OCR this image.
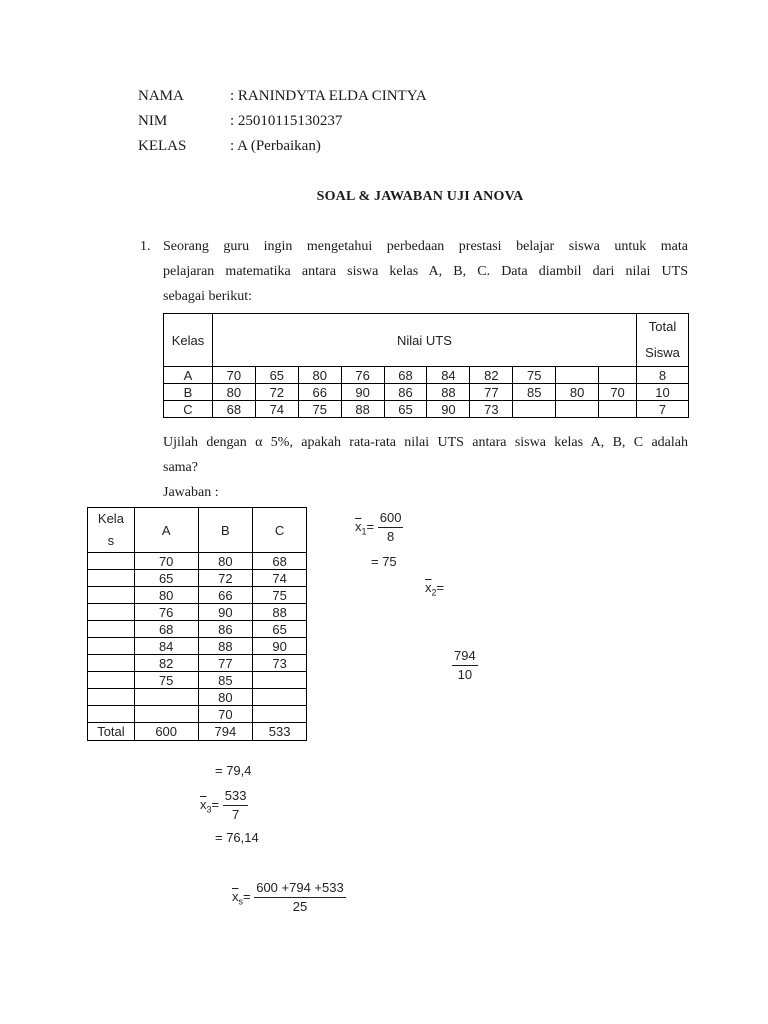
NAMA	: RANINDYTA ELDA CINTYA
NIM	: 25010115130237
KELAS	: A (Perbaikan)
SOAL & JAWABAN UJI ANOVA
1. Seorang guru ingin mengetahui perbedaan prestasi belajar siswa untuk mata
pelajaran matematika antara siswa kelas A, B, C. Data diambil dari nilai UTS
sebagai berikut:
Kelas	Nilai UTS										Total
Siswa

A	70	65	80	76	68	84	82	75			8
B	80	72	66	90	86	88	77	85	80	70	10
C	68	74	75	88	65	90	73				7
Ujilah dengan α 5%, apakah rata-rata nilai UTS antara siswa kelas A, B, C adalah
sama?
Jawaban :
Kela
s	A	B	C
	70	80	68
	65	72	74
	80	66	75
	76	90	88
	68	86	65
	84	88	90
	82	77	73
	75	85	
		80	
		70	
Total	600	794	533
$\overline{x}_1= \frac{600}{8}$
= 75
$\overline{x}_2=$
$\frac{794}{10}$
= 79,4
$\overline{x}_3= \frac{533}{7}$
= 76,14
$\overline{x}_s= \frac{600 +794 +533}{25}$
